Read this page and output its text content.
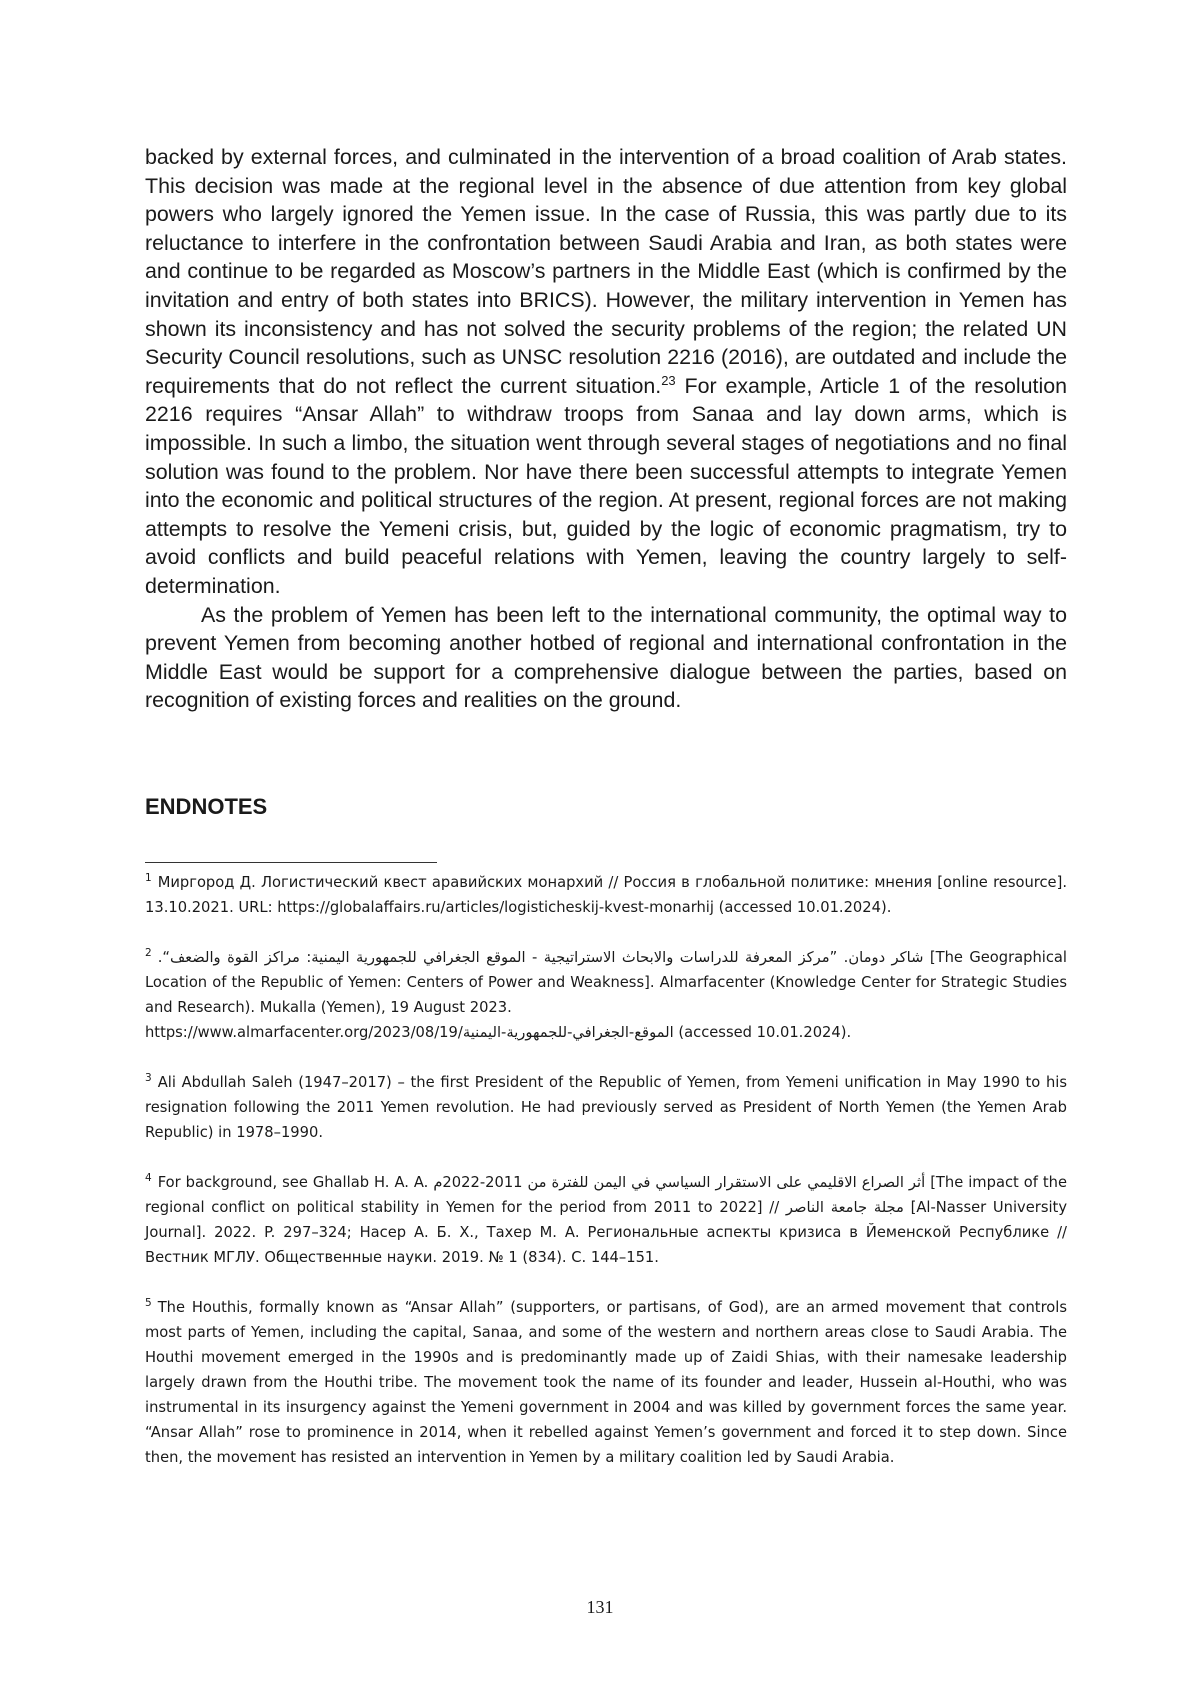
backed by external forces, and culminated in the intervention of a broad coalition of Arab states. This decision was made at the regional level in the absence of due attention from key global powers who largely ignored the Yemen issue. In the case of Russia, this was partly due to its reluctance to interfere in the confrontation between Saudi Arabia and Iran, as both states were and continue to be regarded as Moscow’s partners in the Middle East (which is confirmed by the invitation and entry of both states into BRICS). However, the military intervention in Yemen has shown its inconsistency and has not solved the security problems of the region; the related UN Security Council resolutions, such as UNSC resolution 2216 (2016), are outdated and include the requirements that do not reflect the current situation.$^{23}$ For example, Article 1 of the resolution 2216 requires “Ansar Allah” to withdraw troops from Sanaa and lay down arms, which is impossible. In such a limbo, the situation went through several stages of negotiations and no final solution was found to the problem. Nor have there been successful attempts to integrate Yemen into the economic and political structures of the region. At present, regional forces are not making attempts to resolve the Yemeni crisis, but, guided by the logic of economic pragmatism, try to avoid conflicts and build peaceful relations with Yemen, leaving the country largely to self-determination.

As the problem of Yemen has been left to the international community, the optimal way to prevent Yemen from becoming another hotbed of regional and international confrontation in the Middle East would be support for a comprehensive dialogue between the parties, based on recognition of existing forces and realities on the ground.

ENDNOTES

$^1$ Миргород Д. Логистический квест аравийских монархий // Россия в глобальной политике: мнения [online resource]. 13.10.2021. URL: https://globalaffairs.ru/articles/logisticheskij-kvest-monarhij (accessed 10.01.2024).

$^2$ شاكر دومان. ”مركز المعرفة للدراسات والابحاث الاستراتيجية - الموقع الجغرافي للجمهورية اليمنية: مراكز القوة والضعف“. [The Geographical Location of the Republic of Yemen: Centers of Power and Weakness]. Almarfacenter (Knowledge Center for Strategic Studies and Research). Mukalla (Yemen), 19 August 2023.
https://www.almarfacenter.org/2023/08/19/الموقع-الجغرافي-للجمهورية-اليمنية (accessed 10.01.2024).

$^3$ Ali Abdullah Saleh (1947–2017) – the first President of the Republic of Yemen, from Yemeni unification in May 1990 to his resignation following the 2011 Yemen revolution. He had previously served as President of North Yemen (the Yemen Arab Republic) in 1978–1990.

$^4$ For background, see Ghallab H. A. A. أثر الصراع الاقليمي على الاستقرار السياسي في اليمن للفترة من 2011-2022م [The impact of the regional conflict on political stability in Yemen for the period from 2011 to 2022] // مجلة جامعة الناصر [Al-Nasser University Journal]. 2022. P. 297–324; Насер А. Б. Х., Тахер М. А. Региональные аспекты кризиса в Йеменской Республике // Вестник МГЛУ. Общественные науки. 2019. № 1 (834). С. 144–151.

$^5$ The Houthis, formally known as “Ansar Allah” (supporters, or partisans, of God), are an armed movement that controls most parts of Yemen, including the capital, Sanaa, and some of the western and northern areas close to Saudi Arabia. The Houthi movement emerged in the 1990s and is predominantly made up of Zaidi Shias, with their namesake leadership largely drawn from the Houthi tribe. The movement took the name of its founder and leader, Hussein al-Houthi, who was instrumental in its insurgency against the Yemeni government in 2004 and was killed by government forces the same year. “Ansar Allah” rose to prominence in 2014, when it rebelled against Yemen’s government and forced it to step down. Since then, the movement has resisted an intervention in Yemen by a military coalition led by Saudi Arabia.

131
